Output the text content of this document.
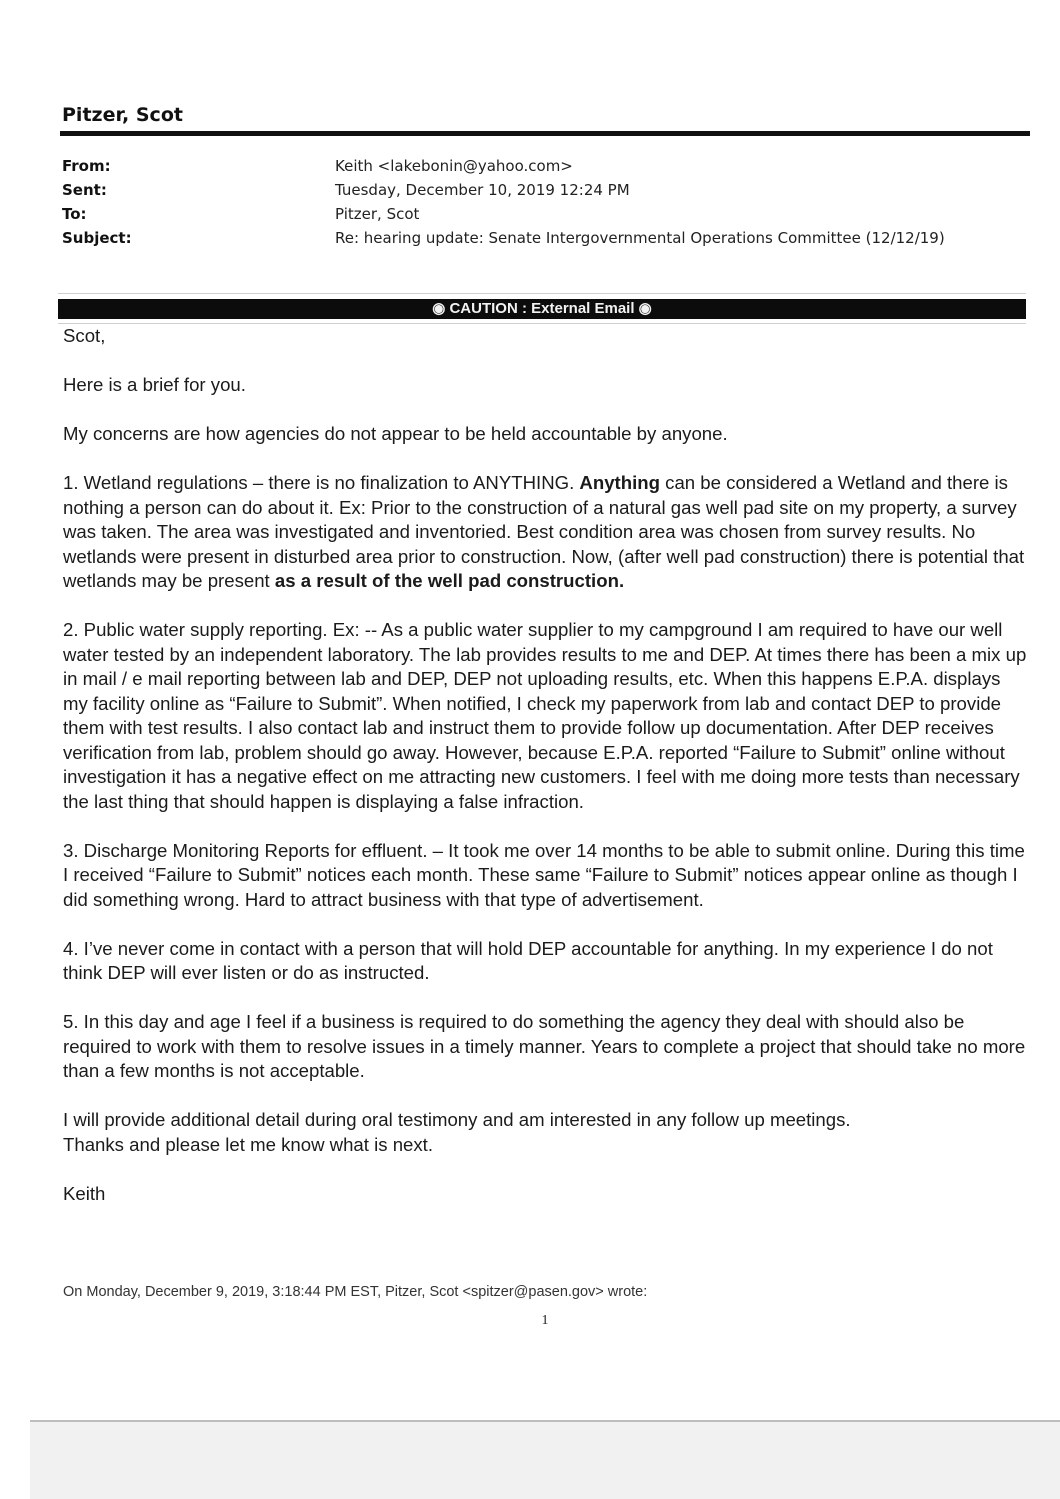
Pitzer, Scot
From:	Keith <lakebonin@yahoo.com>
Sent:	Tuesday, December 10, 2019 12:24 PM
To:	Pitzer, Scot
Subject:	Re: hearing update: Senate Intergovernmental Operations Committee (12/12/19)
◉ CAUTION : External Email ◉

Scot,

Here is a brief for you.

My concerns are how agencies do not appear to be held accountable by anyone.

1. Wetland regulations – there is no finalization to ANYTHING. Anything can be considered a Wetland and there is nothing a person can do about it. Ex: Prior to the construction of a natural gas well pad site on my property, a survey was taken. The area was investigated and inventoried. Best condition area was chosen from survey results. No wetlands were present in disturbed area prior to construction. Now, (after well pad construction) there is potential that wetlands may be present as a result of the well pad construction.

2. Public water supply reporting. Ex: -- As a public water supplier to my campground I am required to have our well water tested by an independent laboratory. The lab provides results to me and DEP. At times there has been a mix up in mail / e mail reporting between lab and DEP, DEP not uploading results, etc. When this happens E.P.A. displays my facility online as “Failure to Submit”. When notified, I check my paperwork from lab and contact DEP to provide them with test results. I also contact lab and instruct them to provide follow up documentation. After DEP receives verification from lab, problem should go away. However, because E.P.A. reported “Failure to Submit” online without investigation it has a negative effect on me attracting new customers. I feel with me doing more tests than necessary the last thing that should happen is displaying a false infraction.

3. Discharge Monitoring Reports for effluent. – It took me over 14 months to be able to submit online. During this time I received “Failure to Submit” notices each month. These same “Failure to Submit” notices appear online as though I did something wrong. Hard to attract business with that type of advertisement.

4. I’ve never come in contact with a person that will hold DEP accountable for anything. In my experience I do not think DEP will ever listen or do as instructed.

5. In this day and age I feel if a business is required to do something the agency they deal with should also be required to work with them to resolve issues in a timely manner. Years to complete a project that should take no more than a few months is not acceptable.

I will provide additional detail during oral testimony and am interested in any follow up meetings.
Thanks and please let me know what is next.

Keith

On Monday, December 9, 2019, 3:18:44 PM EST, Pitzer, Scot <spitzer@pasen.gov> wrote:
1
